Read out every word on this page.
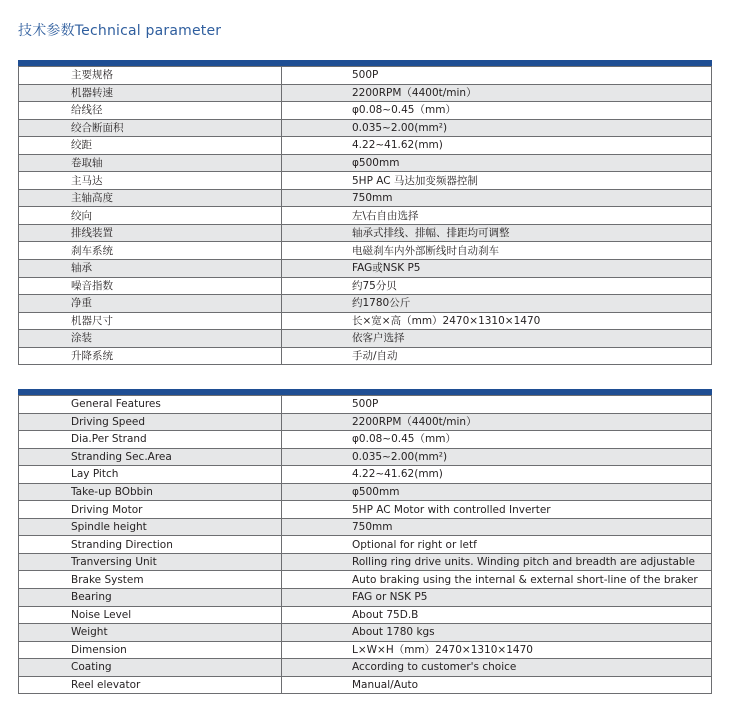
技术参数Technical parameter
主要规格	500P
机器转速	2200RPM（4400t/min）
给线径	φ0.08~0.45（mm）
绞合断面积	0.035~2.00(mm²)
绞距	4.22~41.62(mm)
卷取轴	φ500mm
主马达	5HP AC 马达加变频器控制
主轴高度	750mm
绞向	左\右自由选择
排线装置	轴承式排线、排幅、排距均可调整
刹车系统	电磁刹车内外部断线时自动刹车
轴承	FAG或NSK P5
噪音指数	约75分贝
净重	约1780公斤
机器尺寸	长×宽×高（mm）2470×1310×1470
涂装	依客户选择
升降系统	手动/自动
General Features	500P
Driving Speed	2200RPM（4400t/min）
Dia.Per Strand	φ0.08~0.45（mm）
Stranding Sec.Area	0.035~2.00(mm²)
Lay Pitch	4.22~41.62(mm)
Take-up BObbin	φ500mm
Driving Motor	5HP AC Motor with controlled Inverter
Spindle height	750mm
Stranding Direction	Optional for right or letf
Tranversing Unit	Rolling ring drive units. Winding pitch and breadth are adjustable
Brake System	Auto braking using the internal & external short-line of the braker
Bearing	FAG or NSK P5
Noise Level	About 75D.B
Weight	About 1780 kgs
Dimension	L×W×H（mm）2470×1310×1470
Coating	According to customer's choice
Reel elevator	Manual/Auto
